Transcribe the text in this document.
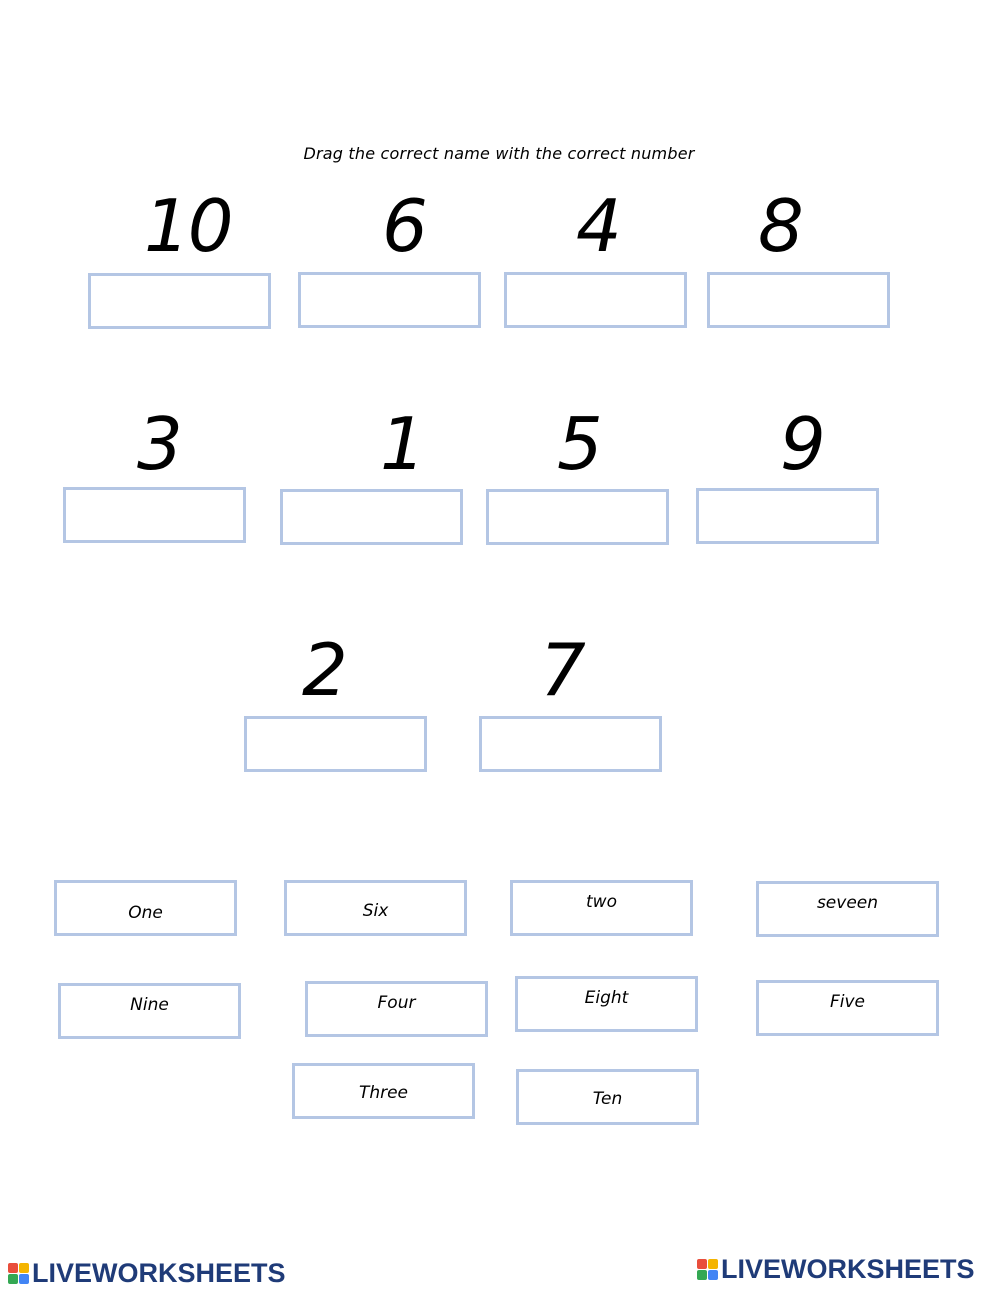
Drag the correct name with the correct number
10 6 4 8
3	1 5 9
2	7
One	Six	two	seveen
Nine	Four	Eight	Five
Three	Ten
LIVEWORKSHEETS	LIVEWORKSHEETS
